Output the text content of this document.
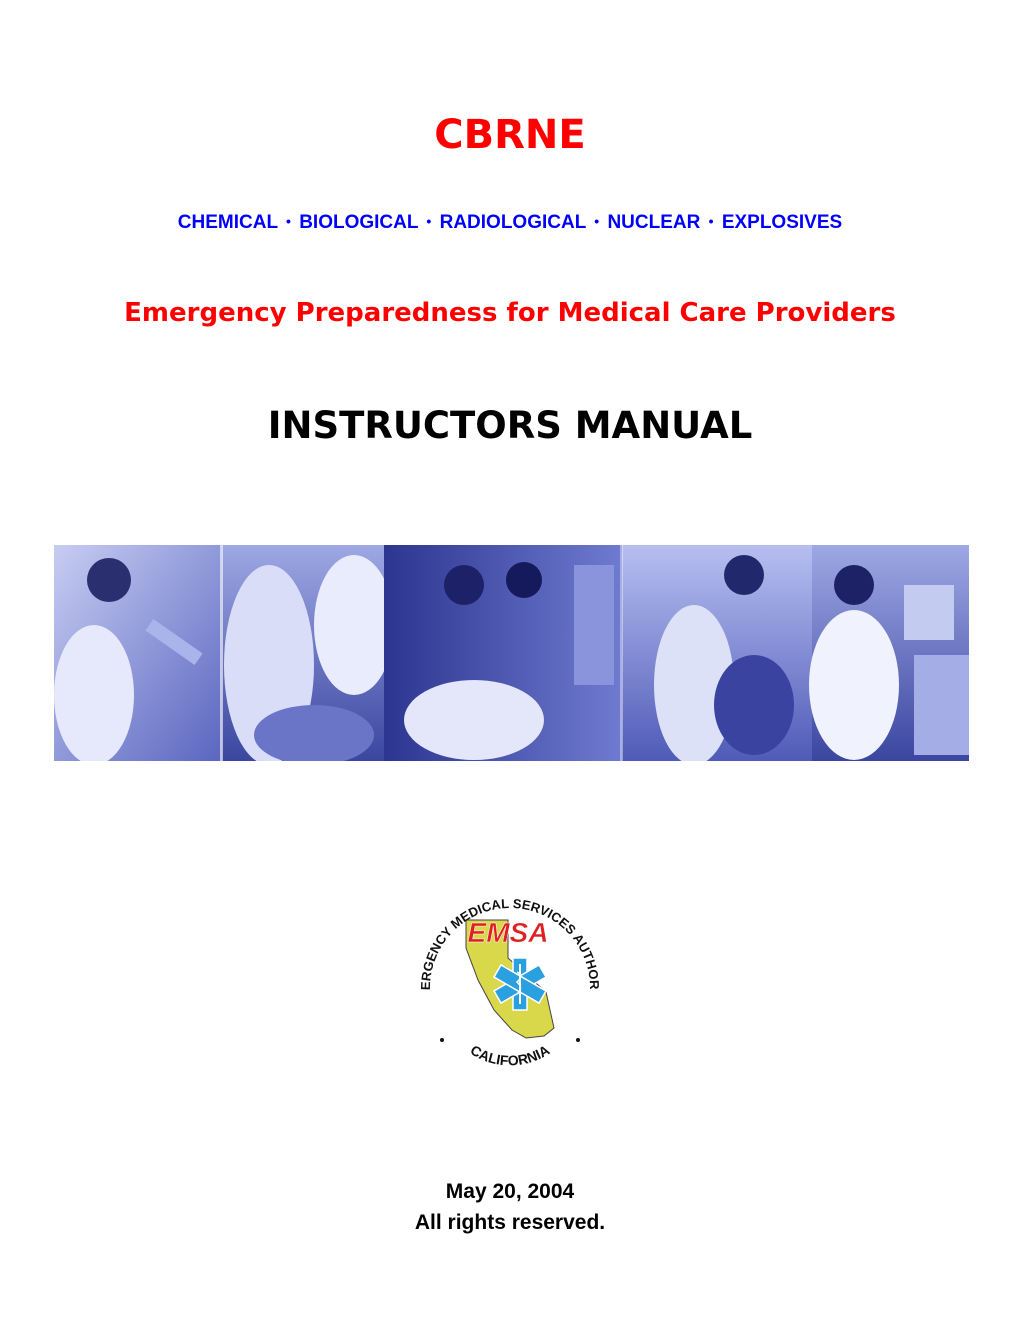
CBRNE
CHEMICAL • BIOLOGICAL • RADIOLOGICAL • NUCLEAR • EXPLOSIVES
Emergency Preparedness for Medical Care Providers
INSTRUCTORS MANUAL
EMSA
ERGENCY MEDICAL SERVICES AUTHOR
CALIFORNIA
May 20, 2004
All rights reserved.
